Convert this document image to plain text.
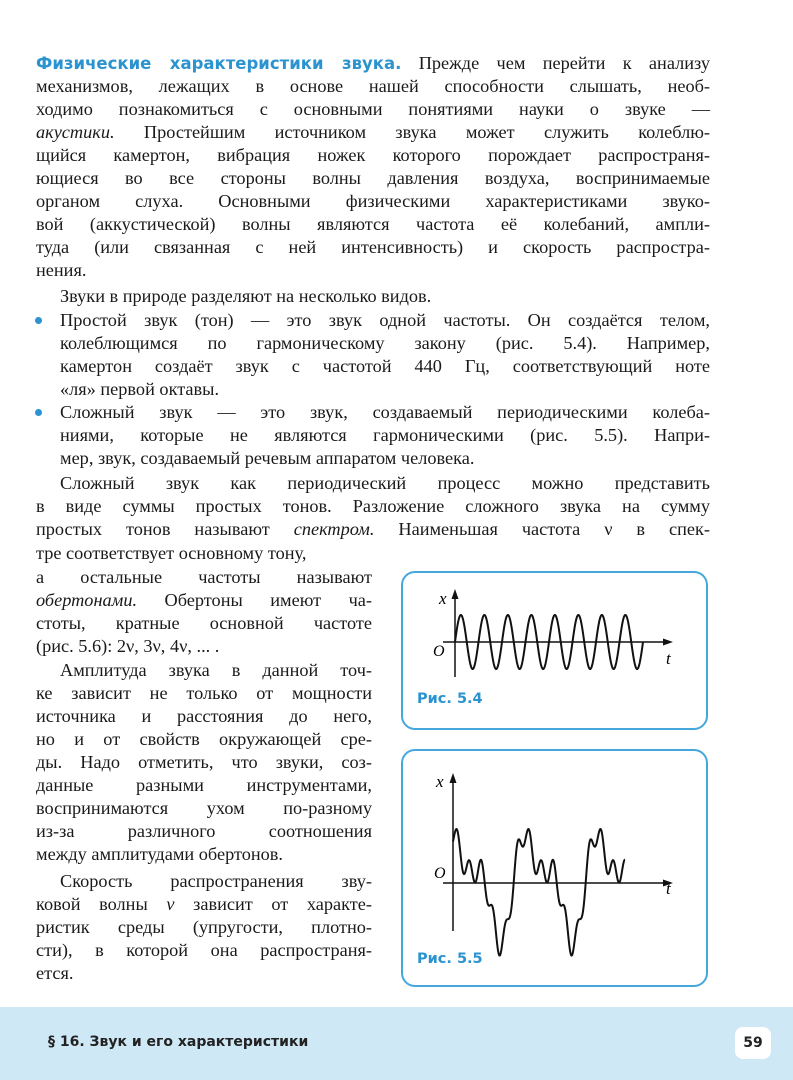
Физические характеристики звука. Прежде чем перейти к анализу
механизмов, лежащих в основе нашей способности слышать, необ-
ходимо познакомиться с основными понятиями науки о звуке —
акустики. Простейшим источником звука может служить колеблю-
щийся камертон, вибрация ножек которого порождает распространя-
ющиеся во все стороны волны давления воздуха, воспринимаемые
органом слуха. Основными физическими характеристиками звуко-
вой (аккустической) волны являются частота её колебаний, ампли-
туда (или связанная с ней интенсивность) и скорость распростра-
нения.
Звуки в природе разделяют на несколько видов.
Простой звук (тон) — это звук одной частоты. Он создаётся телом,
колеблющимся по гармоническому закону (рис. 5.4). Например,
камертон создаёт звук с частотой 440 Гц, соответствующий ноте
«ля» первой октавы.
Сложный звук — это звук, создаваемый периодическими колеба-
ниями, которые не являются гармоническими (рис. 5.5). Напри-
мер, звук, создаваемый речевым аппаратом человека.
Сложный звук как периодический процесс можно представить
в виде суммы простых тонов. Разложение сложного звука на сумму
простых тонов называют спектром. Наименьшая частота ν в спек-
тре соответствует основному тону,
а остальные частоты называют
обертонами. Обертоны имеют ча-
стоты, кратные основной частоте
(рис. 5.6): 2ν, 3ν, 4ν, ... .
Амплитуда звука в данной точ-
ке зависит не только от мощности
источника и расстояния до него,
но и от свойств окружающей сре-
ды. Надо отметить, что звуки, соз-
данные разными инструментами,
воспринимаются ухом по-разному
из-за различного соотношения
между амплитудами обертонов.
Скорость распространения зву-
ковой волны v зависит от характе-
ристик среды (упругости, плотно-
сти), в которой она распространя-
ется.
x
t
O
Рис. 5.4
x
t
O
Рис. 5.5
§ 16. Звук и его характеристики	59
